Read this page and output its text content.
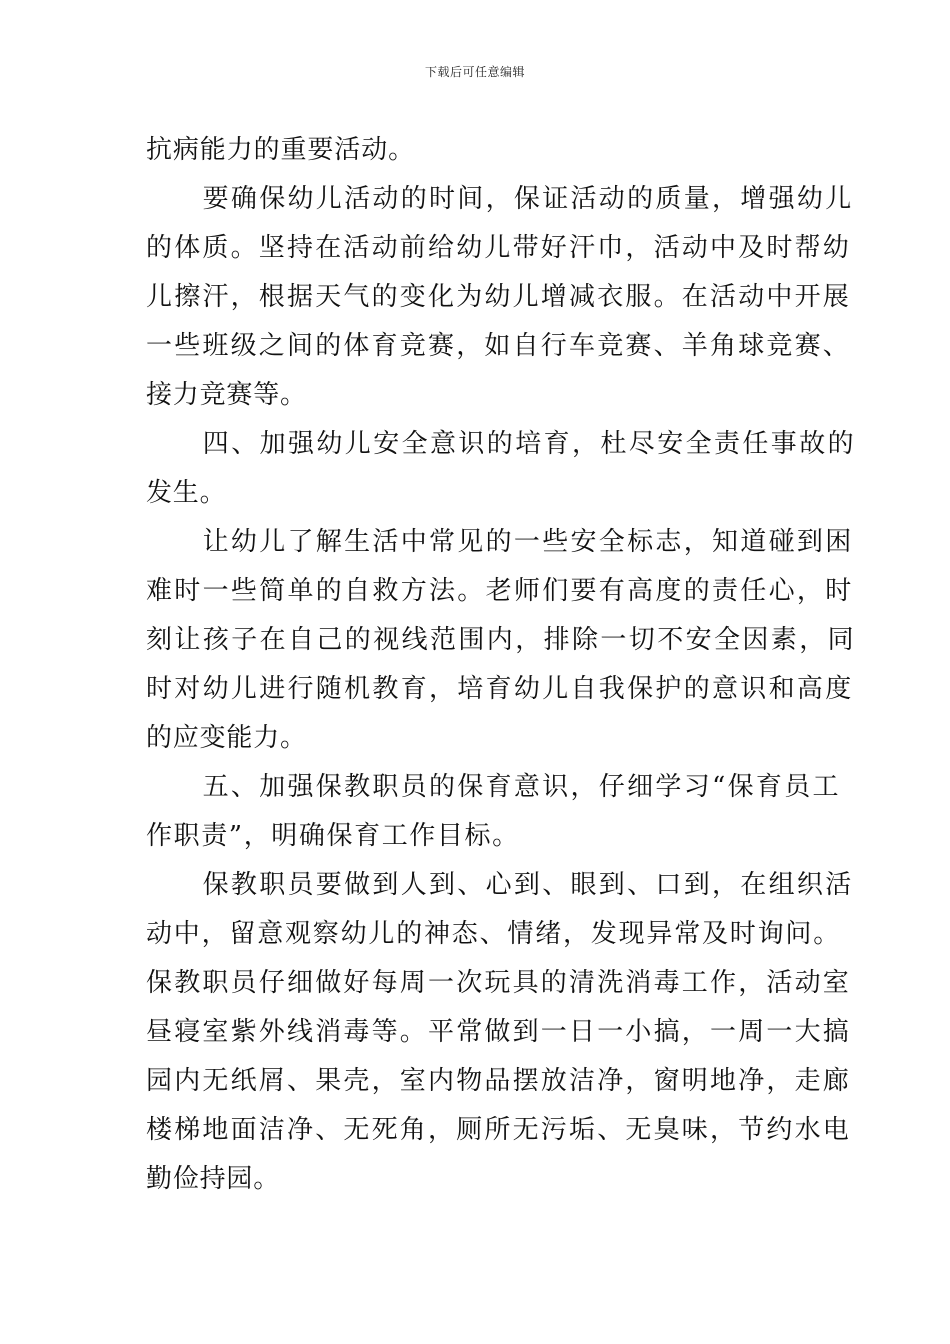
下载后可任意编辑
抗病能力的重要活动。
　　要确保幼儿活动的时间，保证活动的质量，增强幼儿
的体质。坚持在活动前给幼儿带好汗巾，活动中及时帮幼
儿擦汗，根据天气的变化为幼儿增减衣服。在活动中开展
一些班级之间的体育竞赛，如自行车竞赛、羊角球竞赛、
接力竞赛等。
　　四、加强幼儿安全意识的培育，杜尽安全责任事故的
发生。
　　让幼儿了解生活中常见的一些安全标志，知道碰到困
难时一些简单的自救方法。老师们要有高度的责任心，时
刻让孩子在自己的视线范围内，排除一切不安全因素，同
时对幼儿进行随机教育，培育幼儿自我保护的意识和高度
的应变能力。
　　五、加强保教职员的保育意识，仔细学习“保育员工
作职责”，明确保育工作目标。
　　保教职员要做到人到、心到、眼到、口到，在组织活
动中，留意观察幼儿的神态、情绪，发现异常及时询问。
保教职员仔细做好每周一次玩具的清洗消毒工作，活动室
昼寝室紫外线消毒等。平常做到一日一小搞，一周一大搞
园内无纸屑、果壳，室内物品摆放洁净，窗明地净，走廊
楼梯地面洁净、无死角，厕所无污垢、无臭味，节约水电
勤俭持园。
